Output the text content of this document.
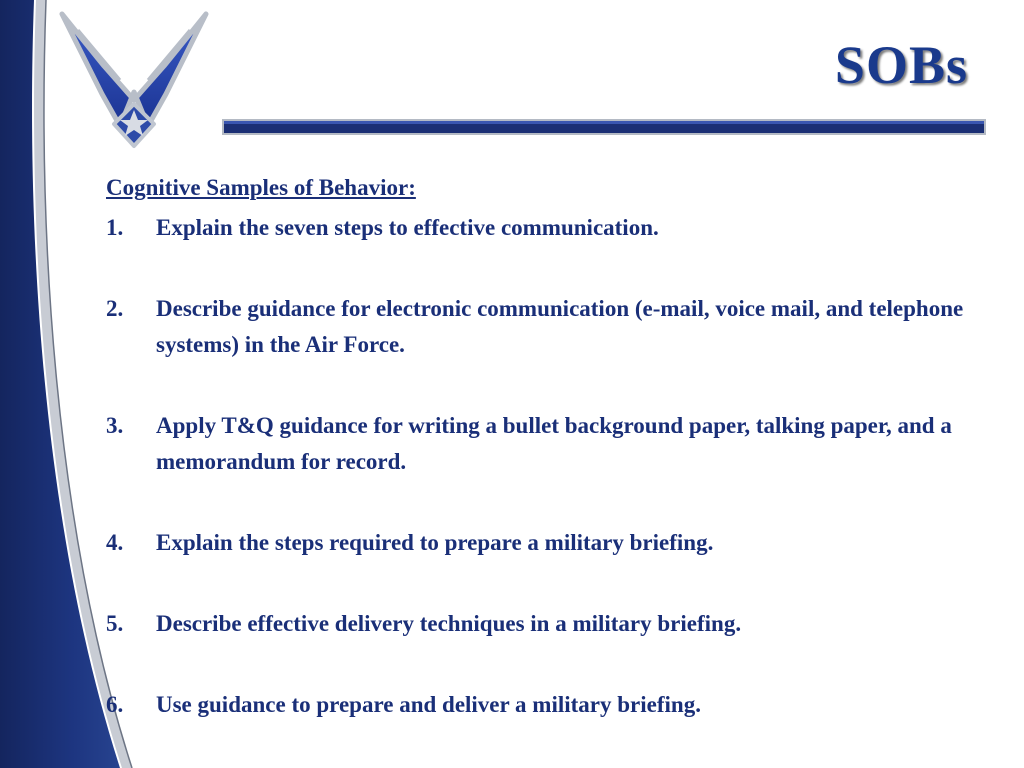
SOBs
Cognitive Samples of Behavior:
1. Explain the seven steps to effective communication.
2. Describe guidance for electronic communication (e-mail, voice mail, and telephone systems) in the Air Force.
3. Apply T&Q guidance for writing a bullet background paper, talking paper, and a memorandum for record.
4. Explain the steps required to prepare a military briefing.
5. Describe effective delivery techniques in a military briefing.
6. Use guidance to prepare and deliver a military briefing.
